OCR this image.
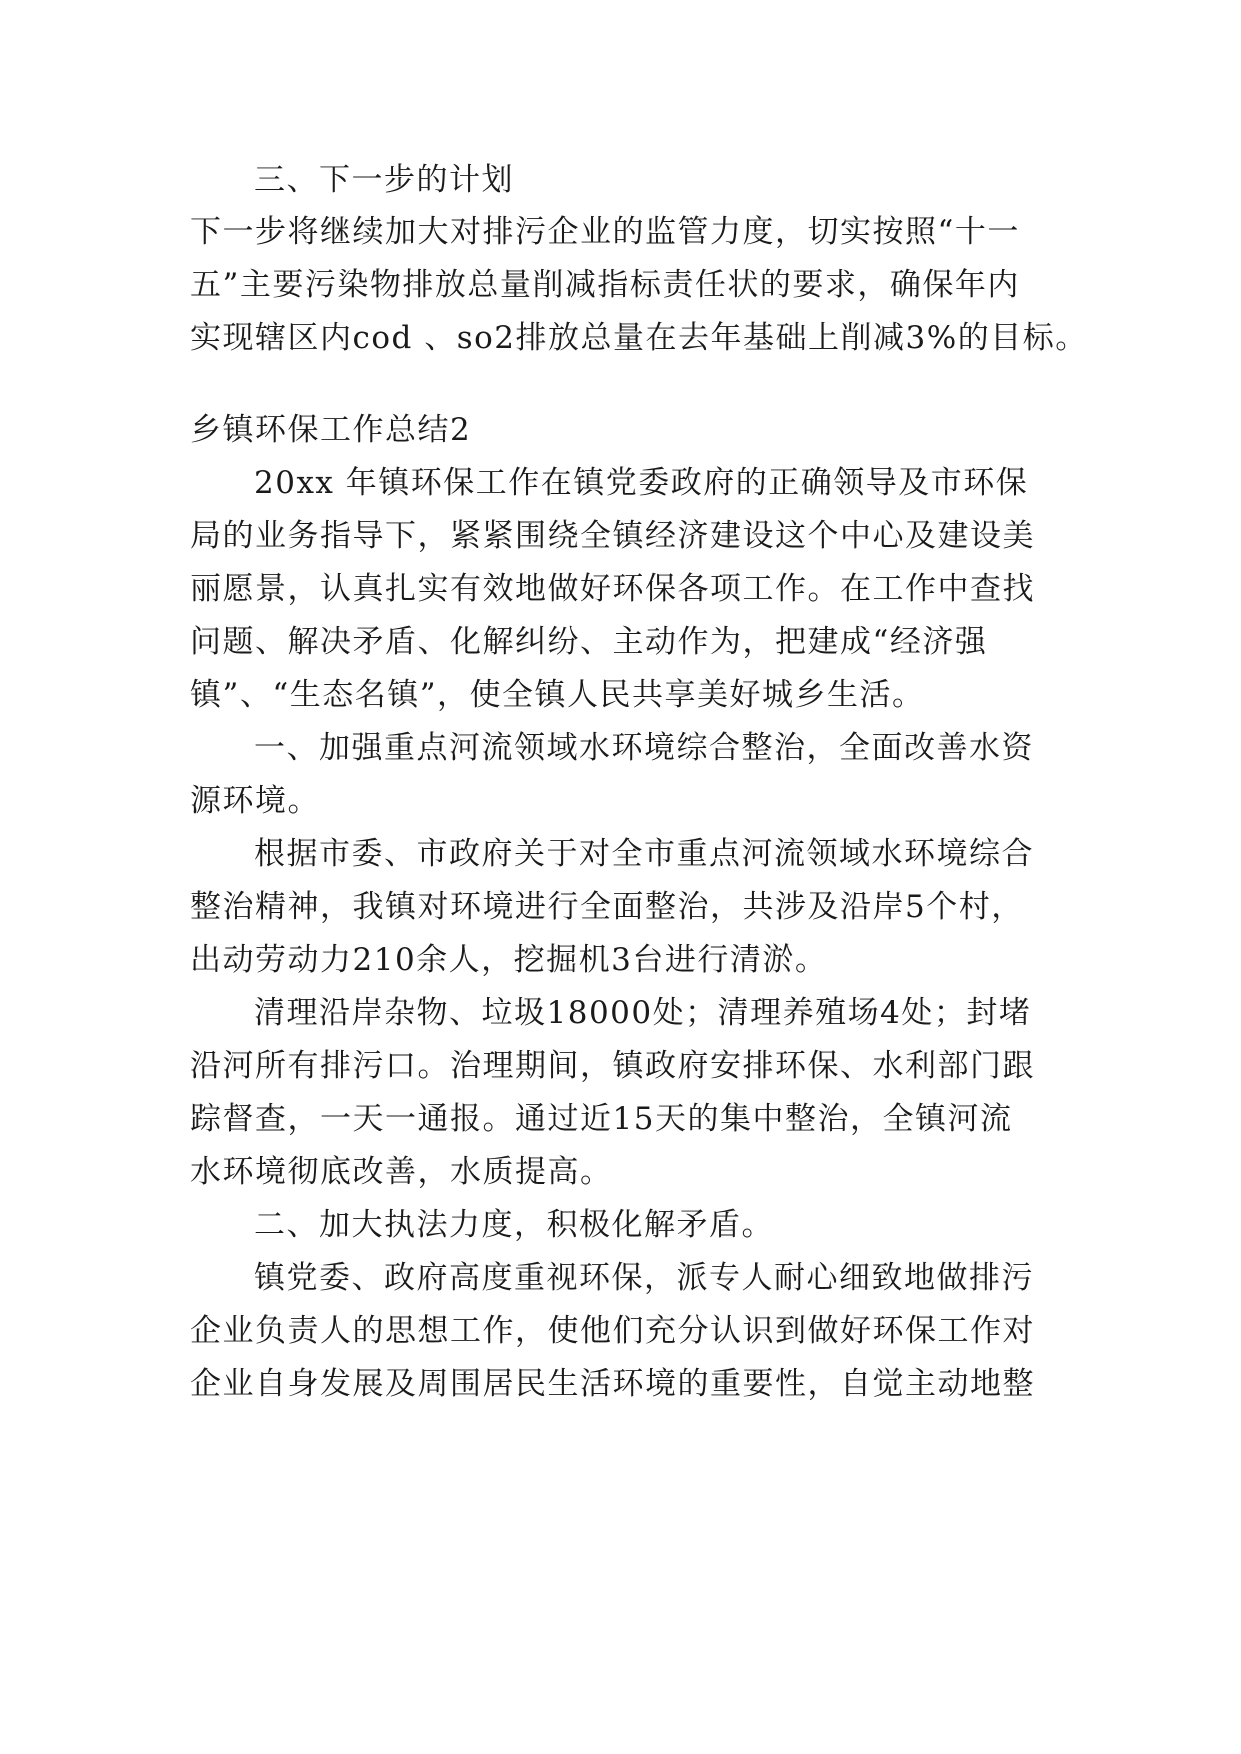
三、下一步的计划
下一步将继续加大对排污企业的监管力度，切实按照“十一
五”主要污染物排放总量削减指标责任状的要求，确保年内
实现辖区内cod 、so2排放总量在去年基础上削减3%的目标。
乡镇环保工作总结2
20xx 年镇环保工作在镇党委政府的正确领导及市环保
局的业务指导下，紧紧围绕全镇经济建设这个中心及建设美
丽愿景，认真扎实有效地做好环保各项工作。在工作中查找
问题、解决矛盾、化解纠纷、主动作为，把建成“经济强
镇”、“生态名镇”，使全镇人民共享美好城乡生活。
一、加强重点河流领域水环境综合整治，全面改善水资
源环境。
根据市委、市政府关于对全市重点河流领域水环境综合
整治精神，我镇对环境进行全面整治，共涉及沿岸5个村，
出动劳动力210余人，挖掘机3台进行清淤。
清理沿岸杂物、垃圾18000处；清理养殖场4处；封堵
沿河所有排污口。治理期间，镇政府安排环保、水利部门跟
踪督查，一天一通报。通过近15天的集中整治，全镇河流
水环境彻底改善，水质提高。
二、加大执法力度，积极化解矛盾。
镇党委、政府高度重视环保，派专人耐心细致地做排污
企业负责人的思想工作，使他们充分认识到做好环保工作对
企业自身发展及周围居民生活环境的重要性，自觉主动地整
